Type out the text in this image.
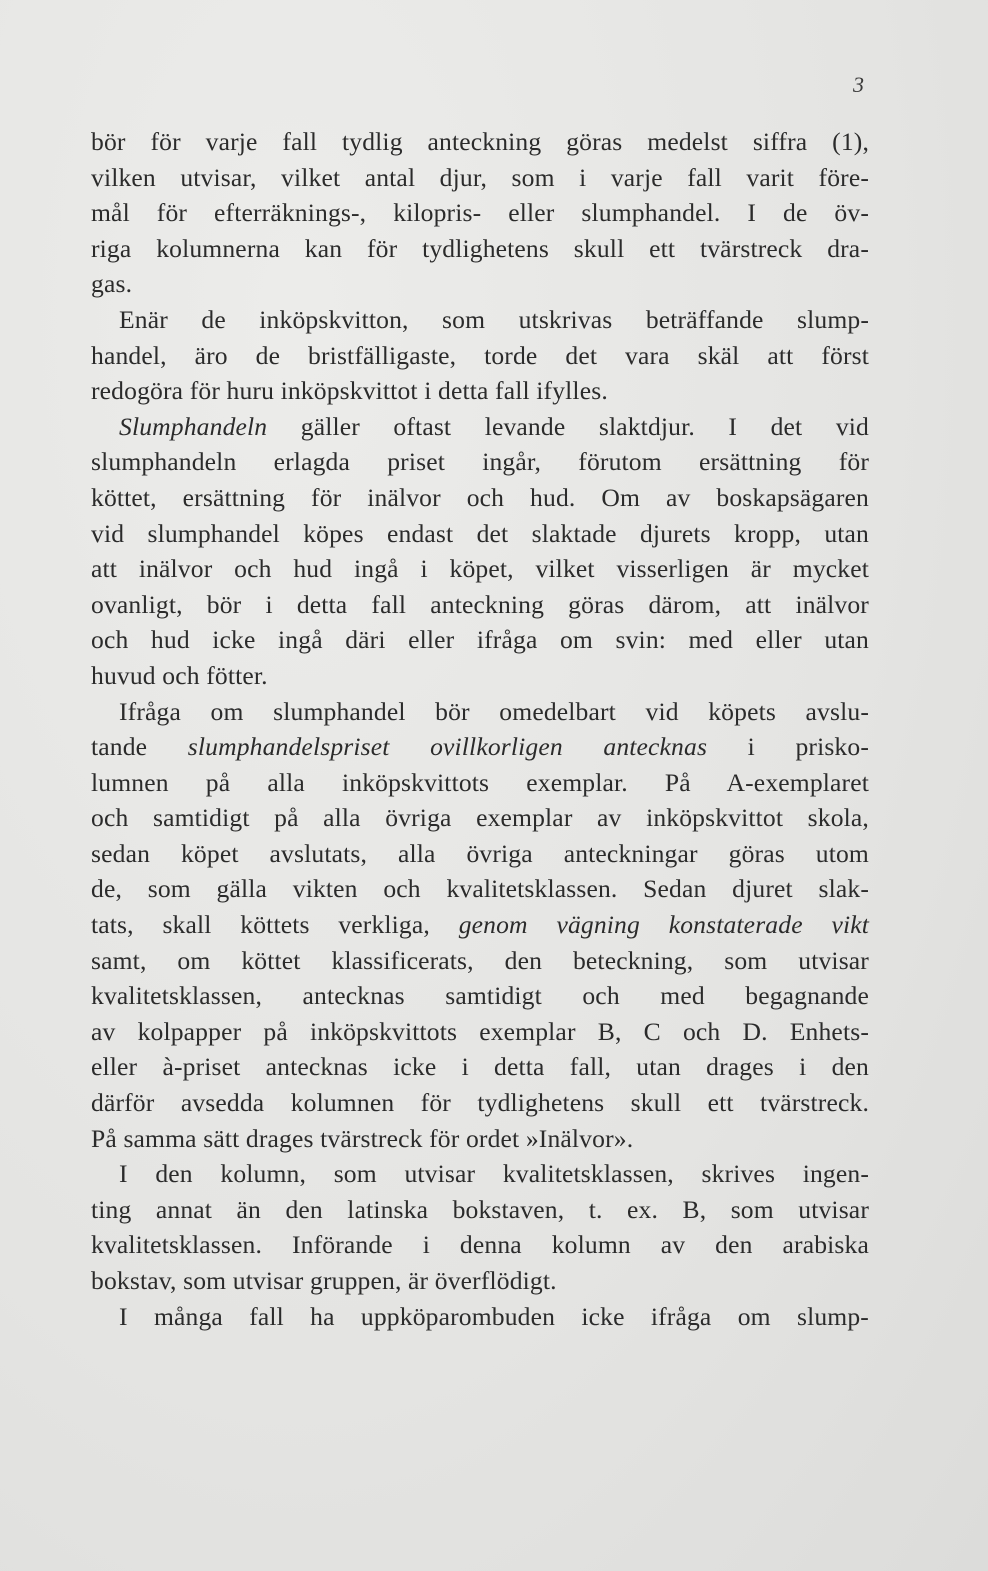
3
bör för varje fall tydlig anteckning göras medelst siffra (1),
vilken utvisar, vilket antal djur, som i varje fall varit före-
mål för efterräknings-, kilopris- eller slumphandel. I de öv-
riga kolumnerna kan för tydlighetens skull ett tvärstreck dra-
gas.
Enär de inköpskvitton, som utskrivas beträffande slump-
handel, äro de bristfälligaste, torde det vara skäl att först
redogöra för huru inköpskvittot i detta fall ifylles.
Slumphandeln gäller oftast levande slaktdjur. I det vid
slumphandeln erlagda priset ingår, förutom ersättning för
köttet, ersättning för inälvor och hud. Om av boskapsägaren
vid slumphandel köpes endast det slaktade djurets kropp, utan
att inälvor och hud ingå i köpet, vilket visserligen är mycket
ovanligt, bör i detta fall anteckning göras därom, att inälvor
och hud icke ingå däri eller ifråga om svin: med eller utan
huvud och fötter.
Ifråga om slumphandel bör omedelbart vid köpets avslu-
tande slumphandelspriset ovillkorligen antecknas i prisko-
lumnen på alla inköpskvittots exemplar. På A-exemplaret
och samtidigt på alla övriga exemplar av inköpskvittot skola,
sedan köpet avslutats, alla övriga anteckningar göras utom
de, som gälla vikten och kvalitetsklassen. Sedan djuret slak-
tats, skall köttets verkliga, genom vägning konstaterade vikt
samt, om köttet klassificerats, den beteckning, som utvisar
kvalitetsklassen, antecknas samtidigt och med begagnande
av kolpapper på inköpskvittots exemplar B, C och D. Enhets-
eller à-priset antecknas icke i detta fall, utan drages i den
därför avsedda kolumnen för tydlighetens skull ett tvärstreck.
På samma sätt drages tvärstreck för ordet »Inälvor».
I den kolumn, som utvisar kvalitetsklassen, skrives ingen-
ting annat än den latinska bokstaven, t. ex. B, som utvisar
kvalitetsklassen. Införande i denna kolumn av den arabiska
bokstav, som utvisar gruppen, är överflödigt.
I många fall ha uppköparombuden icke ifråga om slump-
